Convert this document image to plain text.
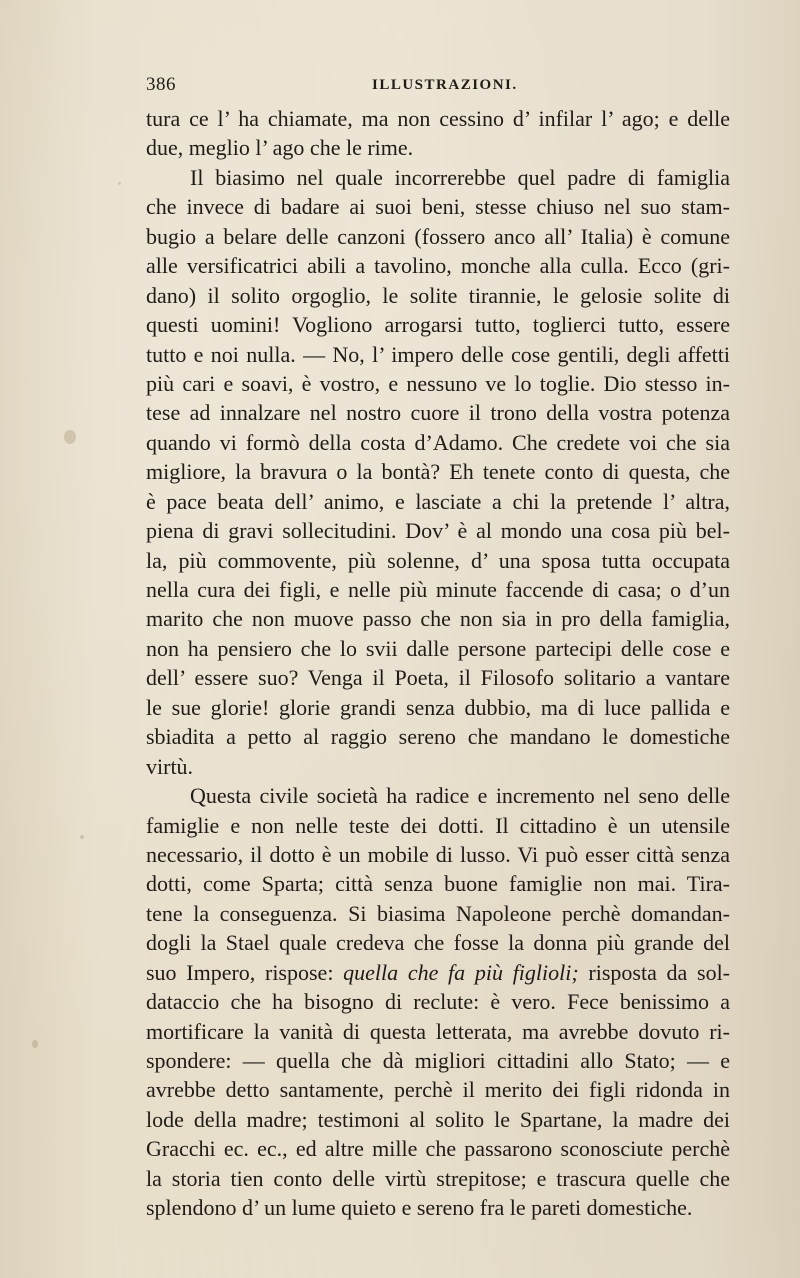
386	ILLUSTRAZIONI.
tura ce l’ ha chiamate, ma non cessino d’ infilar l’ ago; e delle
due, meglio l’ ago che le rime.
Il biasimo nel quale incorrerebbe quel padre di famiglia
che invece di badare ai suoi beni, stesse chiuso nel suo stam-
bugio a belare delle canzoni (fossero anco all’ Italia) è comune
alle versificatrici abili a tavolino, monche alla culla. Ecco (gri-
dano) il solito orgoglio, le solite tirannie, le gelosie solite di
questi uomini! Vogliono arrogarsi tutto, toglierci tutto, essere
tutto e noi nulla. — No, l’ impero delle cose gentili, degli affetti
più cari e soavi, è vostro, e nessuno ve lo toglie. Dio stesso in-
tese ad innalzare nel nostro cuore il trono della vostra potenza
quando vi formò della costa d’Adamo. Che credete voi che sia
migliore, la bravura o la bontà? Eh tenete conto di questa, che
è pace beata dell’ animo, e lasciate a chi la pretende l’ altra,
piena di gravi sollecitudini. Dov’ è al mondo una cosa più bel-
la, più commovente, più solenne, d’ una sposa tutta occupata
nella cura dei figli, e nelle più minute faccende di casa; o d’un
marito che non muove passo che non sia in pro della famiglia,
non ha pensiero che lo svii dalle persone partecipi delle cose e
dell’ essere suo? Venga il Poeta, il Filosofo solitario a vantare
le sue glorie! glorie grandi senza dubbio, ma di luce pallida e
sbiadita a petto al raggio sereno che mandano le domestiche
virtù.
Questa civile società ha radice e incremento nel seno delle
famiglie e non nelle teste dei dotti. Il cittadino è un utensile
necessario, il dotto è un mobile di lusso. Vi può esser città senza
dotti, come Sparta; città senza buone famiglie non mai. Tira-
tene la conseguenza. Si biasima Napoleone perchè domandan-
dogli la Stael quale credeva che fosse la donna più grande del
suo Impero, rispose: quella che fa più figlioli; risposta da sol-
dataccio che ha bisogno di reclute: è vero. Fece benissimo a
mortificare la vanità di questa letterata, ma avrebbe dovuto ri-
spondere: — quella che dà migliori cittadini allo Stato; — e
avrebbe detto santamente, perchè il merito dei figli ridonda in
lode della madre; testimoni al solito le Spartane, la madre dei
Gracchi ec. ec., ed altre mille che passarono sconosciute perchè
la storia tien conto delle virtù strepitose; e trascura quelle che
splendono d’ un lume quieto e sereno fra le pareti domestiche.
